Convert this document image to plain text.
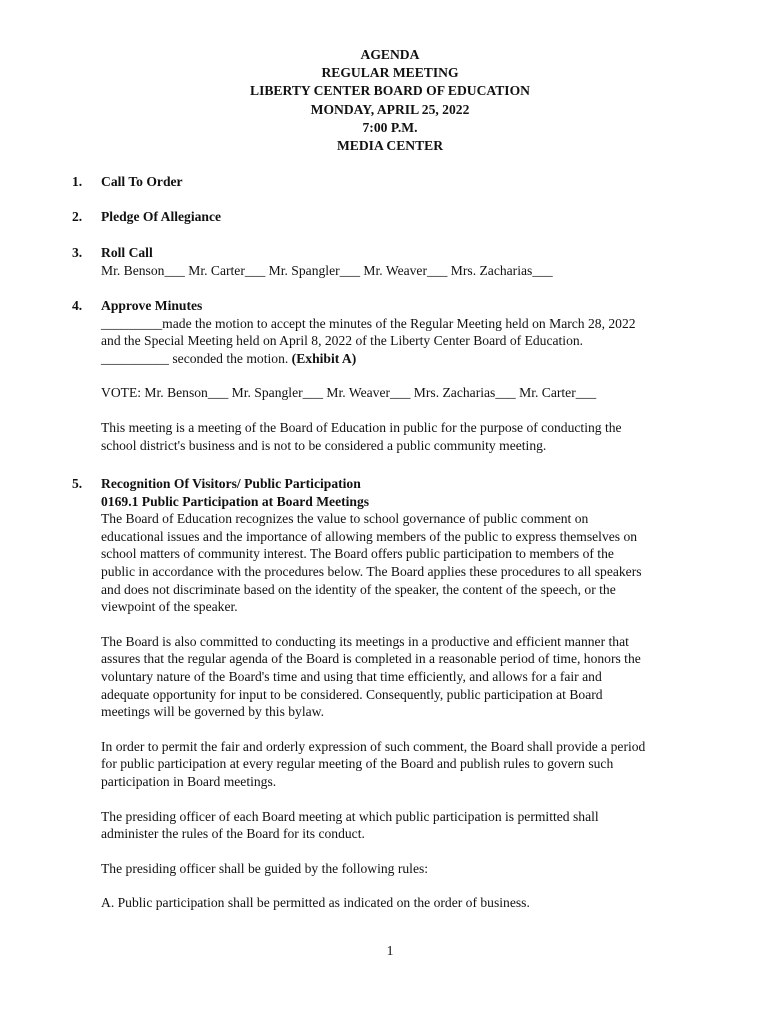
AGENDA
REGULAR MEETING
LIBERTY CENTER BOARD OF EDUCATION
MONDAY, APRIL 25, 2022
7:00 P.M.
MEDIA CENTER
1. Call To Order
2. Pledge Of Allegiance
3. Roll Call
Mr. Benson___ Mr. Carter___ Mr. Spangler___ Mr. Weaver___ Mrs. Zacharias___
4. Approve Minutes
_________made the motion to accept the minutes of the Regular Meeting held on March 28, 2022
and the Special Meeting held on April 8, 2022 of the Liberty Center Board of Education.
__________ seconded the motion. (Exhibit A)
VOTE: Mr. Benson___ Mr. Spangler___ Mr. Weaver___ Mrs. Zacharias___ Mr. Carter___
This meeting is a meeting of the Board of Education in public for the purpose of conducting the
school district's business and is not to be considered a public community meeting.
5. Recognition Of Visitors/ Public Participation
0169.1 Public Participation at Board Meetings
The Board of Education recognizes the value to school governance of public comment on
educational issues and the importance of allowing members of the public to express themselves on
school matters of community interest. The Board offers public participation to members of the
public in accordance with the procedures below. The Board applies these procedures to all speakers
and does not discriminate based on the identity of the speaker, the content of the speech, or the
viewpoint of the speaker.
The Board is also committed to conducting its meetings in a productive and efficient manner that
assures that the regular agenda of the Board is completed in a reasonable period of time, honors the
voluntary nature of the Board's time and using that time efficiently, and allows for a fair and
adequate opportunity for input to be considered. Consequently, public participation at Board
meetings will be governed by this bylaw.
In order to permit the fair and orderly expression of such comment, the Board shall provide a period
for public participation at every regular meeting of the Board and publish rules to govern such
participation in Board meetings.
The presiding officer of each Board meeting at which public participation is permitted shall
administer the rules of the Board for its conduct.
The presiding officer shall be guided by the following rules:
A. Public participation shall be permitted as indicated on the order of business.
1
